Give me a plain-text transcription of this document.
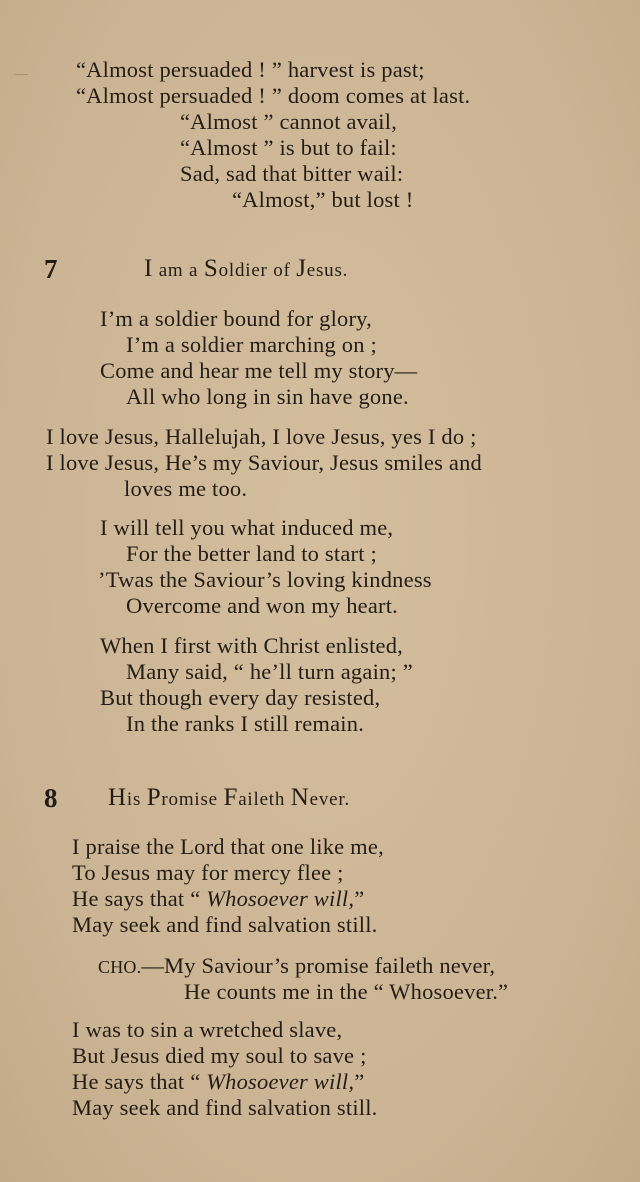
“Almost persuaded ! ” harvest is past;
“Almost persuaded ! ” doom comes at last.
“Almost ” cannot avail,
“Almost ” is but to fail:
Sad, sad that bitter wail:
“Almost,” but lost !
7	I am a Soldier of Jesus.
I’m a soldier bound for glory,
I’m a soldier marching on ;
Come and hear me tell my story—
All who long in sin have gone.
I love Jesus, Hallelujah, I love Jesus, yes I do ;
I love Jesus, He’s my Saviour, Jesus smiles and
loves me too.
I will tell you what induced me,
For the better land to start ;
’Twas the Saviour’s loving kindness
Overcome and won my heart.
When I first with Christ enlisted,
Many said, “ he’ll turn again; ”
But though every day resisted,
In the ranks I still remain.
8 His Promise Faileth Never.
I praise the Lord that one like me,
To Jesus may for mercy flee ;
He says that “ Whosoever will,”
May seek and find salvation still.
CHO.—My Saviour’s promise faileth never,
He counts me in the “ Whosoever.”
I was to sin a wretched slave,
But Jesus died my soul to save ;
He says that “ Whosoever will,”
May seek and find salvation still.
